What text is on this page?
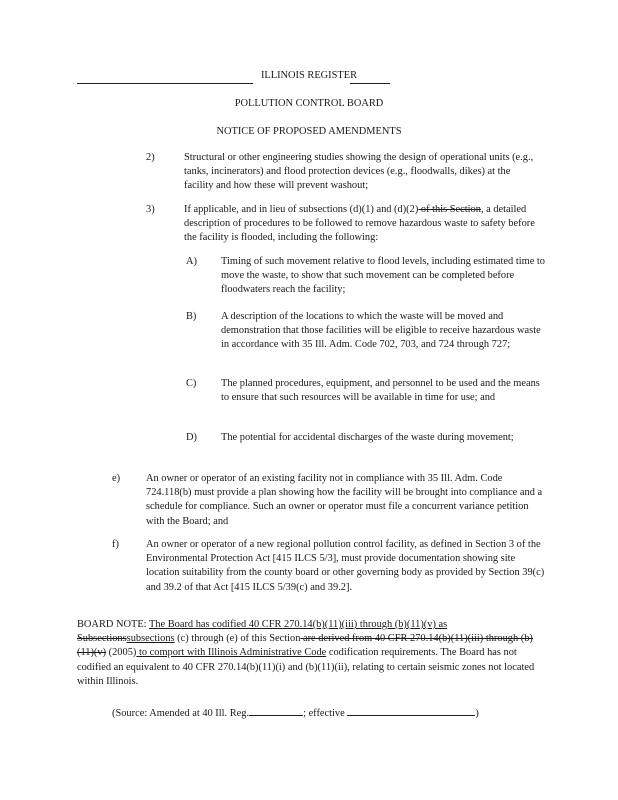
ILLINOIS REGISTER
POLLUTION CONTROL BOARD
NOTICE OF PROPOSED AMENDMENTS
2)	Structural or other engineering studies showing the design of operational units (e.g., tanks, incinerators) and flood protection devices (e.g., floodwalls, dikes) at the facility and how these will prevent washout;

3)	If applicable, and in lieu of subsections (d)(1) and (d)(2) of this Section, a detailed description of procedures to be followed to remove hazardous waste to safety before the facility is flooded, including the following:

A) Timing of such movement relative to flood levels, including estimated time to move the waste, to show that such movement can be completed before floodwaters reach the facility;

B) A description of the locations to which the waste will be moved and demonstration that those facilities will be eligible to receive hazardous waste in accordance with 35 Ill. Adm. Code 702, 703, and 724 through 727;

C) The planned procedures, equipment, and personnel to be used and the means to ensure that such resources will be available in time for use; and

D) The potential for accidental discharges of the waste during movement;

e) An owner or operator of an existing facility not in compliance with 35 Ill. Adm. Code 724.118(b) must provide a plan showing how the facility will be brought into compliance and a schedule for compliance. Such an owner or operator must file a concurrent variance petition with the Board; and

f)	An owner or operator of a new regional pollution control facility, as defined in Section 3 of the Environmental Protection Act [415 ILCS 5/3], must provide documentation showing site location suitability from the county board or other governing body as provided by Section 39(c) and 39.2 of that Act [415 ILCS 5/39(c) and 39.2].

BOARD NOTE: The Board has codified 40 CFR 270.14(b)(11)(iii) through (b)(11)(v) as Subsectionssubsections (c) through (e) of this Section are derived from 40 CFR 270.14(b)(11)(iii) through (b)(11)(v) (2005) to comport with Illinois Administrative Code codification requirements. The Board has not codified an equivalent to 40 CFR 270.14(b)(11)(i) and (b)(11)(ii), relating to certain seismic zones not located within Illinois.

(Source: Amended at 40 Ill. Reg.	; effective	)
